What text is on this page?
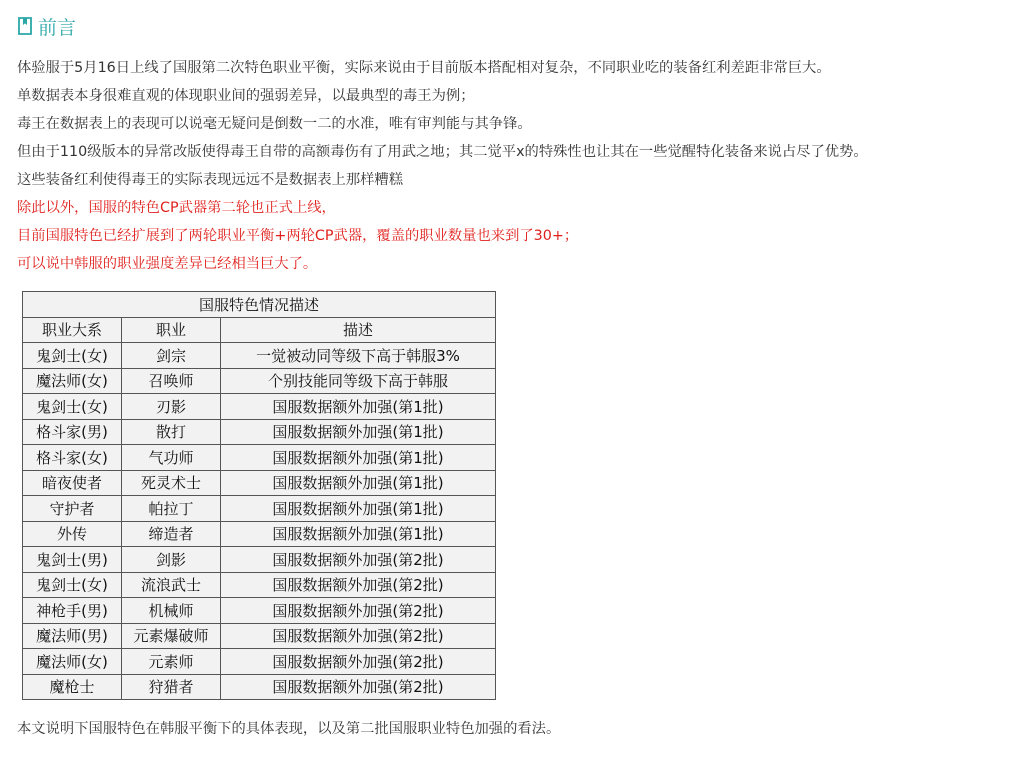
前言
体验服于5月16日上线了国服第二次特色职业平衡，实际来说由于目前版本搭配相对复杂，不同职业吃的装备红利差距非常巨大。
单数据表本身很难直观的体现职业间的强弱差异，以最典型的毒王为例；
毒王在数据表上的表现可以说毫无疑问是倒数一二的水准，唯有审判能与其争锋。
但由于110级版本的异常改版使得毒王自带的高额毒伤有了用武之地；其二觉平x的特殊性也让其在一些觉醒特化装备来说占尽了优势。
这些装备红利使得毒王的实际表现远远不是数据表上那样糟糕
除此以外，国服的特色CP武器第二轮也正式上线，
目前国服特色已经扩展到了两轮职业平衡+两轮CP武器，覆盖的职业数量也来到了30+；
可以说中韩服的职业强度差异已经相当巨大了。
国服特色情况描述		
职业大系	职业	描述
鬼剑士(女)	剑宗	一觉被动同等级下高于韩服3%
魔法师(女)	召唤师	个别技能同等级下高于韩服
鬼剑士(女)	刃影	国服数据额外加强(第1批)
格斗家(男)	散打	国服数据额外加强(第1批)
格斗家(女)	气功师	国服数据额外加强(第1批)
暗夜使者	死灵术士	国服数据额外加强(第1批)
守护者	帕拉丁	国服数据额外加强(第1批)
外传	缔造者	国服数据额外加强(第1批)
鬼剑士(男)	剑影	国服数据额外加强(第2批)
鬼剑士(女)	流浪武士	国服数据额外加强(第2批)
神枪手(男)	机械师	国服数据额外加强(第2批)
魔法师(男)	元素爆破师	国服数据额外加强(第2批)
魔法师(女)	元素师	国服数据额外加强(第2批)
魔枪士	狩猎者	国服数据额外加强(第2批)
本文说明下国服特色在韩服平衡下的具体表现，以及第二批国服职业特色加强的看法。
